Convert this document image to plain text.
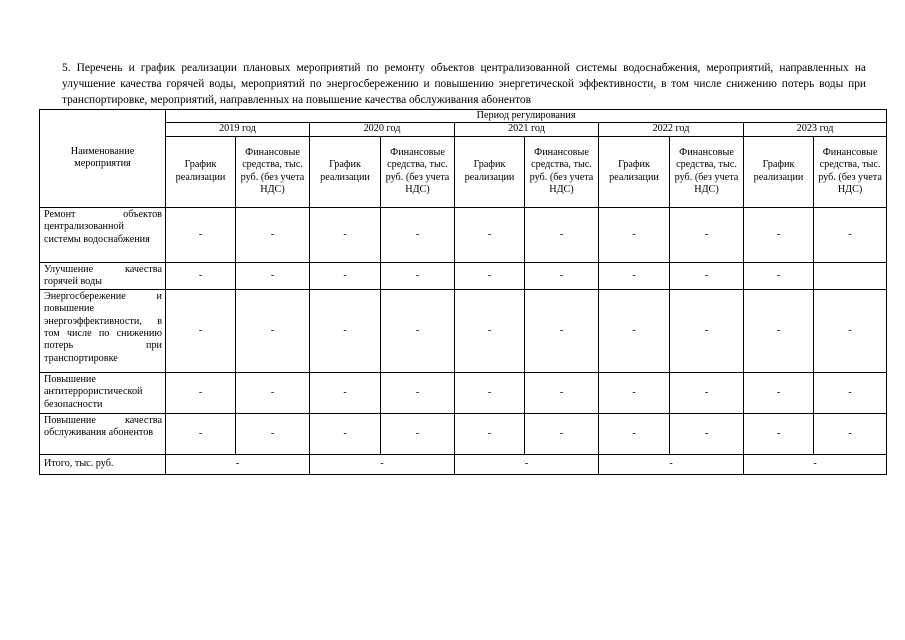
5. Перечень и график реализации плановых мероприятий по ремонту объектов централизованной системы водоснабжения, мероприятий, направленных на улучшение качества горячей воды, мероприятий по энергосбережению и повышению энергетической эффективности, в том числе снижению потерь воды при транспортировке, мероприятий, направленных на повышение качества обслуживания абонентов
Наименование мероприятия	Период регулирования									
	2019 год		2020 год		2021 год		2022 год		2023 год	
	График реализации	Финансовые средства, тыс. руб. (без учета НДС)	График реализации	Финансовые средства, тыс. руб. (без учета НДС)	График реализации	Финансовые средства, тыс. руб. (без учета НДС)	График реализации	Финансовые средства, тыс. руб. (без учета НДС)	График реализации	Финансовые средства, тыс. руб. (без учета НДС)
Ремонт объектов централизованной системы водоснабжения	-	-	-	-	-	-	-	-	-	-
Улучшение качества горячей воды	-	-	-	-	-	-	-	-	-	
Энергосбережение и повышение энергоэффективности, в том числе по снижению потерь при транспортировке	-	-	-	-	-	-	-	-	-	-
Повышение антитеррористической безопасности	-	-	-	-	-	-	-	-	-	-
Повышение качества обслуживания абонентов	-	-	-	-	-	-	-	-	-	-
Итого, тыс. руб.	-		-		-		-		-	
